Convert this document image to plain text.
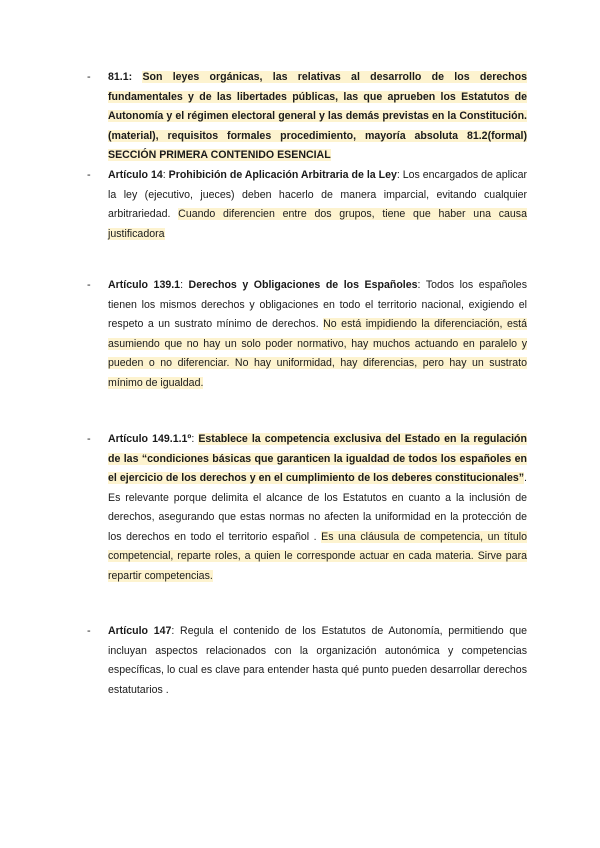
- 81.1: Son leyes orgánicas, las relativas al desarrollo de los derechos fundamentales y de las libertades públicas, las que aprueben los Estatutos de Autonomía y el régimen electoral general y las demás previstas en la Constitución.(material), requisitos formales procedimiento, mayoría absoluta 81.2(formal) SECCIÓN PRIMERA CONTENIDO ESENCIAL
- Artículo 14: Prohibición de Aplicación Arbitraria de la Ley: Los encargados de aplicar la ley (ejecutivo, jueces) deben hacerlo de manera imparcial, evitando cualquier arbitrariedad. Cuando diferencien entre dos grupos, tiene que haber una causa justificadora
- Artículo 139.1: Derechos y Obligaciones de los Españoles: Todos los españoles tienen los mismos derechos y obligaciones en todo el territorio nacional, exigiendo el respeto a un sustrato mínimo de derechos. No está impidiendo la diferenciación, está asumiendo que no hay un solo poder normativo, hay muchos actuando en paralelo y pueden o no diferenciar. No hay uniformidad, hay diferencias, pero hay un sustrato mínimo de igualdad.
- Artículo 149.1.1º: Establece la competencia exclusiva del Estado en la regulación de las “condiciones básicas que garanticen la igualdad de todos los españoles en el ejercicio de los derechos y en el cumplimiento de los deberes constitucionales”. Es relevante porque delimita el alcance de los Estatutos en cuanto a la inclusión de derechos, asegurando que estas normas no afecten la uniformidad en la protección de los derechos en todo el territorio español . Es una cláusula de competencia, un título competencial, reparte roles, a quien le corresponde actuar en cada materia. Sirve para repartir competencias.
- Artículo 147: Regula el contenido de los Estatutos de Autonomía, permitiendo que incluyan aspectos relacionados con la organización autonómica y competencias específicas, lo cual es clave para entender hasta qué punto pueden desarrollar derechos estatutarios .
